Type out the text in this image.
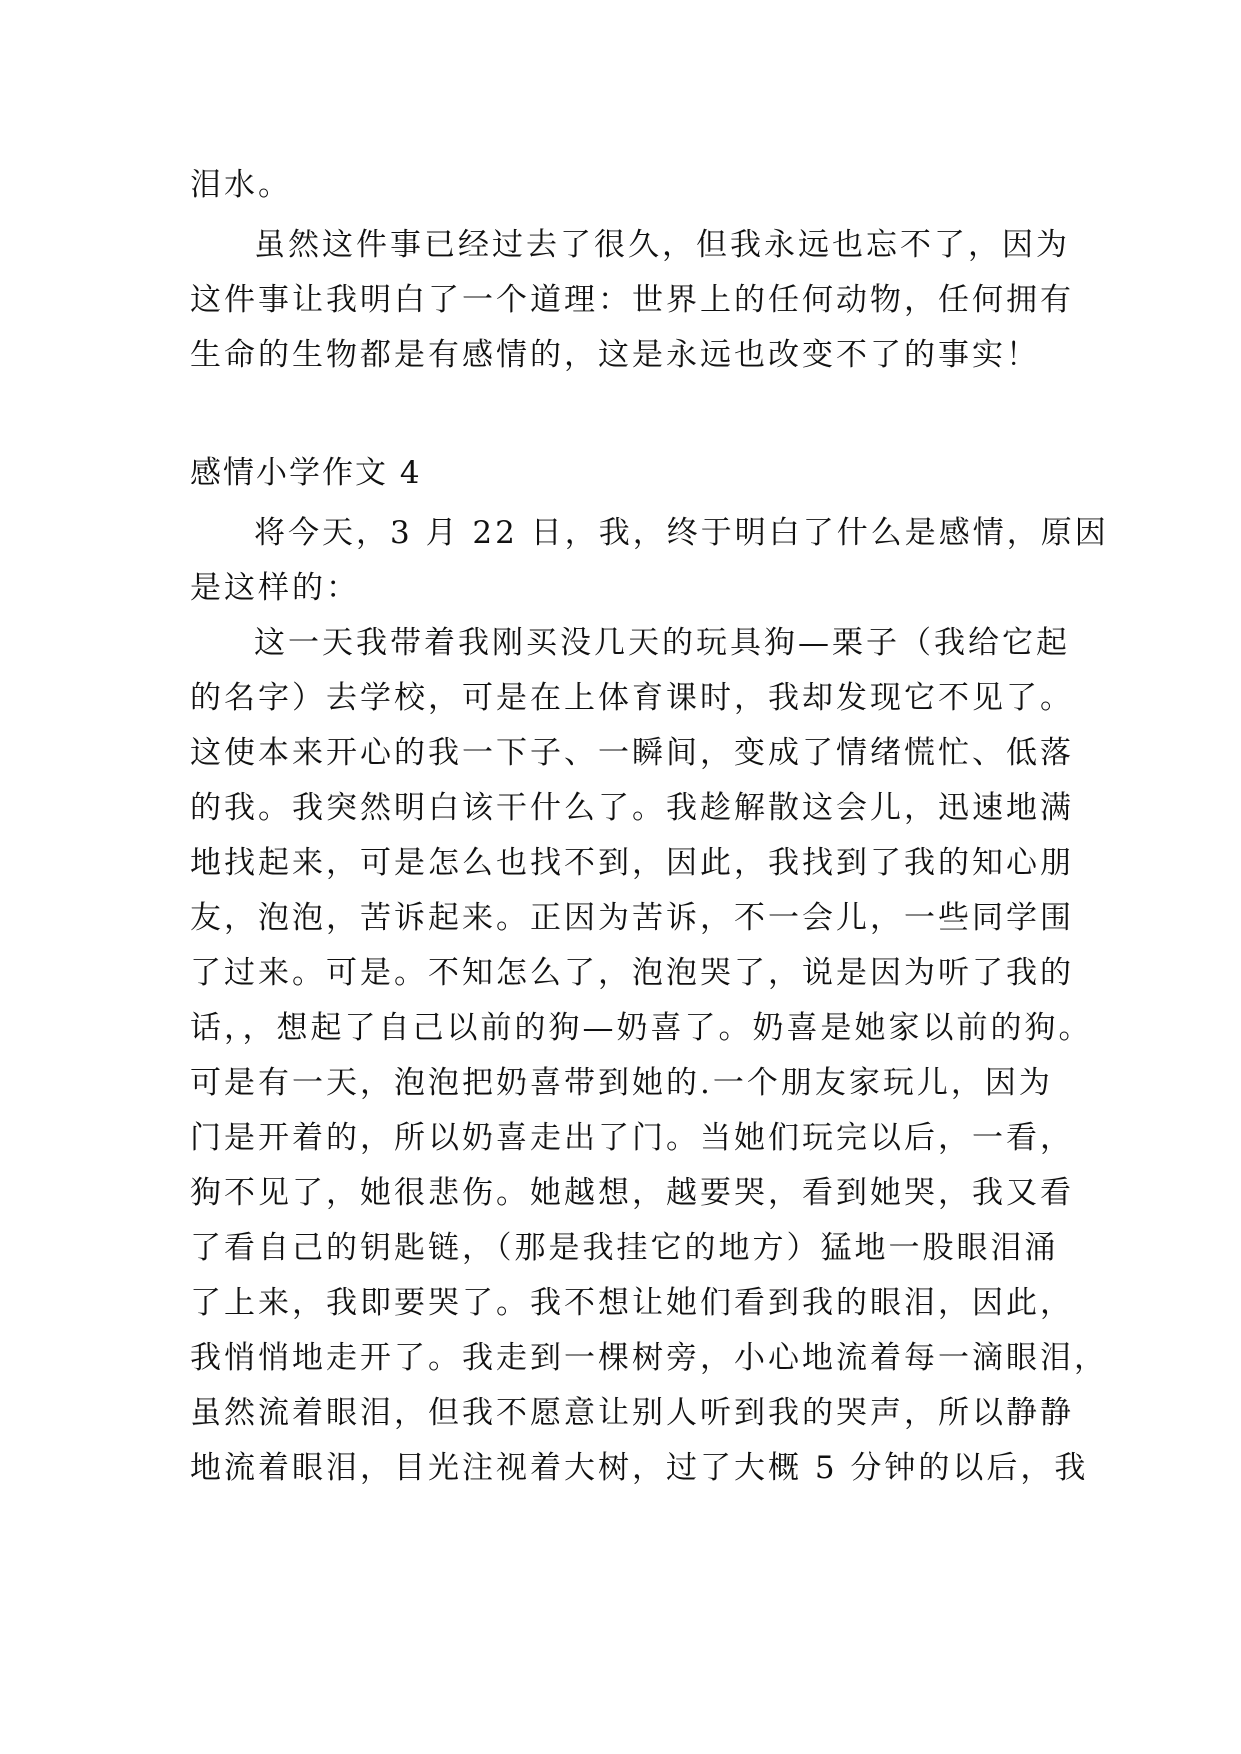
泪水。
虽然这件事已经过去了很久，但我永远也忘不了，因为
这件事让我明白了一个道理：世界上的任何动物，任何拥有
生命的生物都是有感情的，这是永远也改变不了的事实！
感情小学作文 4
将今天，3 月 22 日，我，终于明白了什么是感情，原因
是这样的：
这一天我带着我刚买没几天的玩具狗—栗子（我给它起
的名字）去学校，可是在上体育课时，我却发现它不见了。
这使本来开心的我一下子、一瞬间，变成了情绪慌忙、低落
的我。我突然明白该干什么了。我趁解散这会儿，迅速地满
地找起来，可是怎么也找不到，因此，我找到了我的知心朋
友，泡泡，苦诉起来。正因为苦诉，不一会儿，一些同学围
了过来。可是。不知怎么了，泡泡哭了，说是因为听了我的
话，，想起了自己以前的狗—奶喜了。奶喜是她家以前的狗。
可是有一天，泡泡把奶喜带到她的.一个朋友家玩儿，因为
门是开着的，所以奶喜走出了门。当她们玩完以后，一看，
狗不见了，她很悲伤。她越想，越要哭，看到她哭，我又看
了看自己的钥匙链，（那是我挂它的地方）猛地一股眼泪涌
了上来，我即要哭了。我不想让她们看到我的眼泪，因此，
我悄悄地走开了。我走到一棵树旁，小心地流着每一滴眼泪，
虽然流着眼泪，但我不愿意让别人听到我的哭声，所以静静
地流着眼泪，目光注视着大树，过了大概 5 分钟的以后，我
